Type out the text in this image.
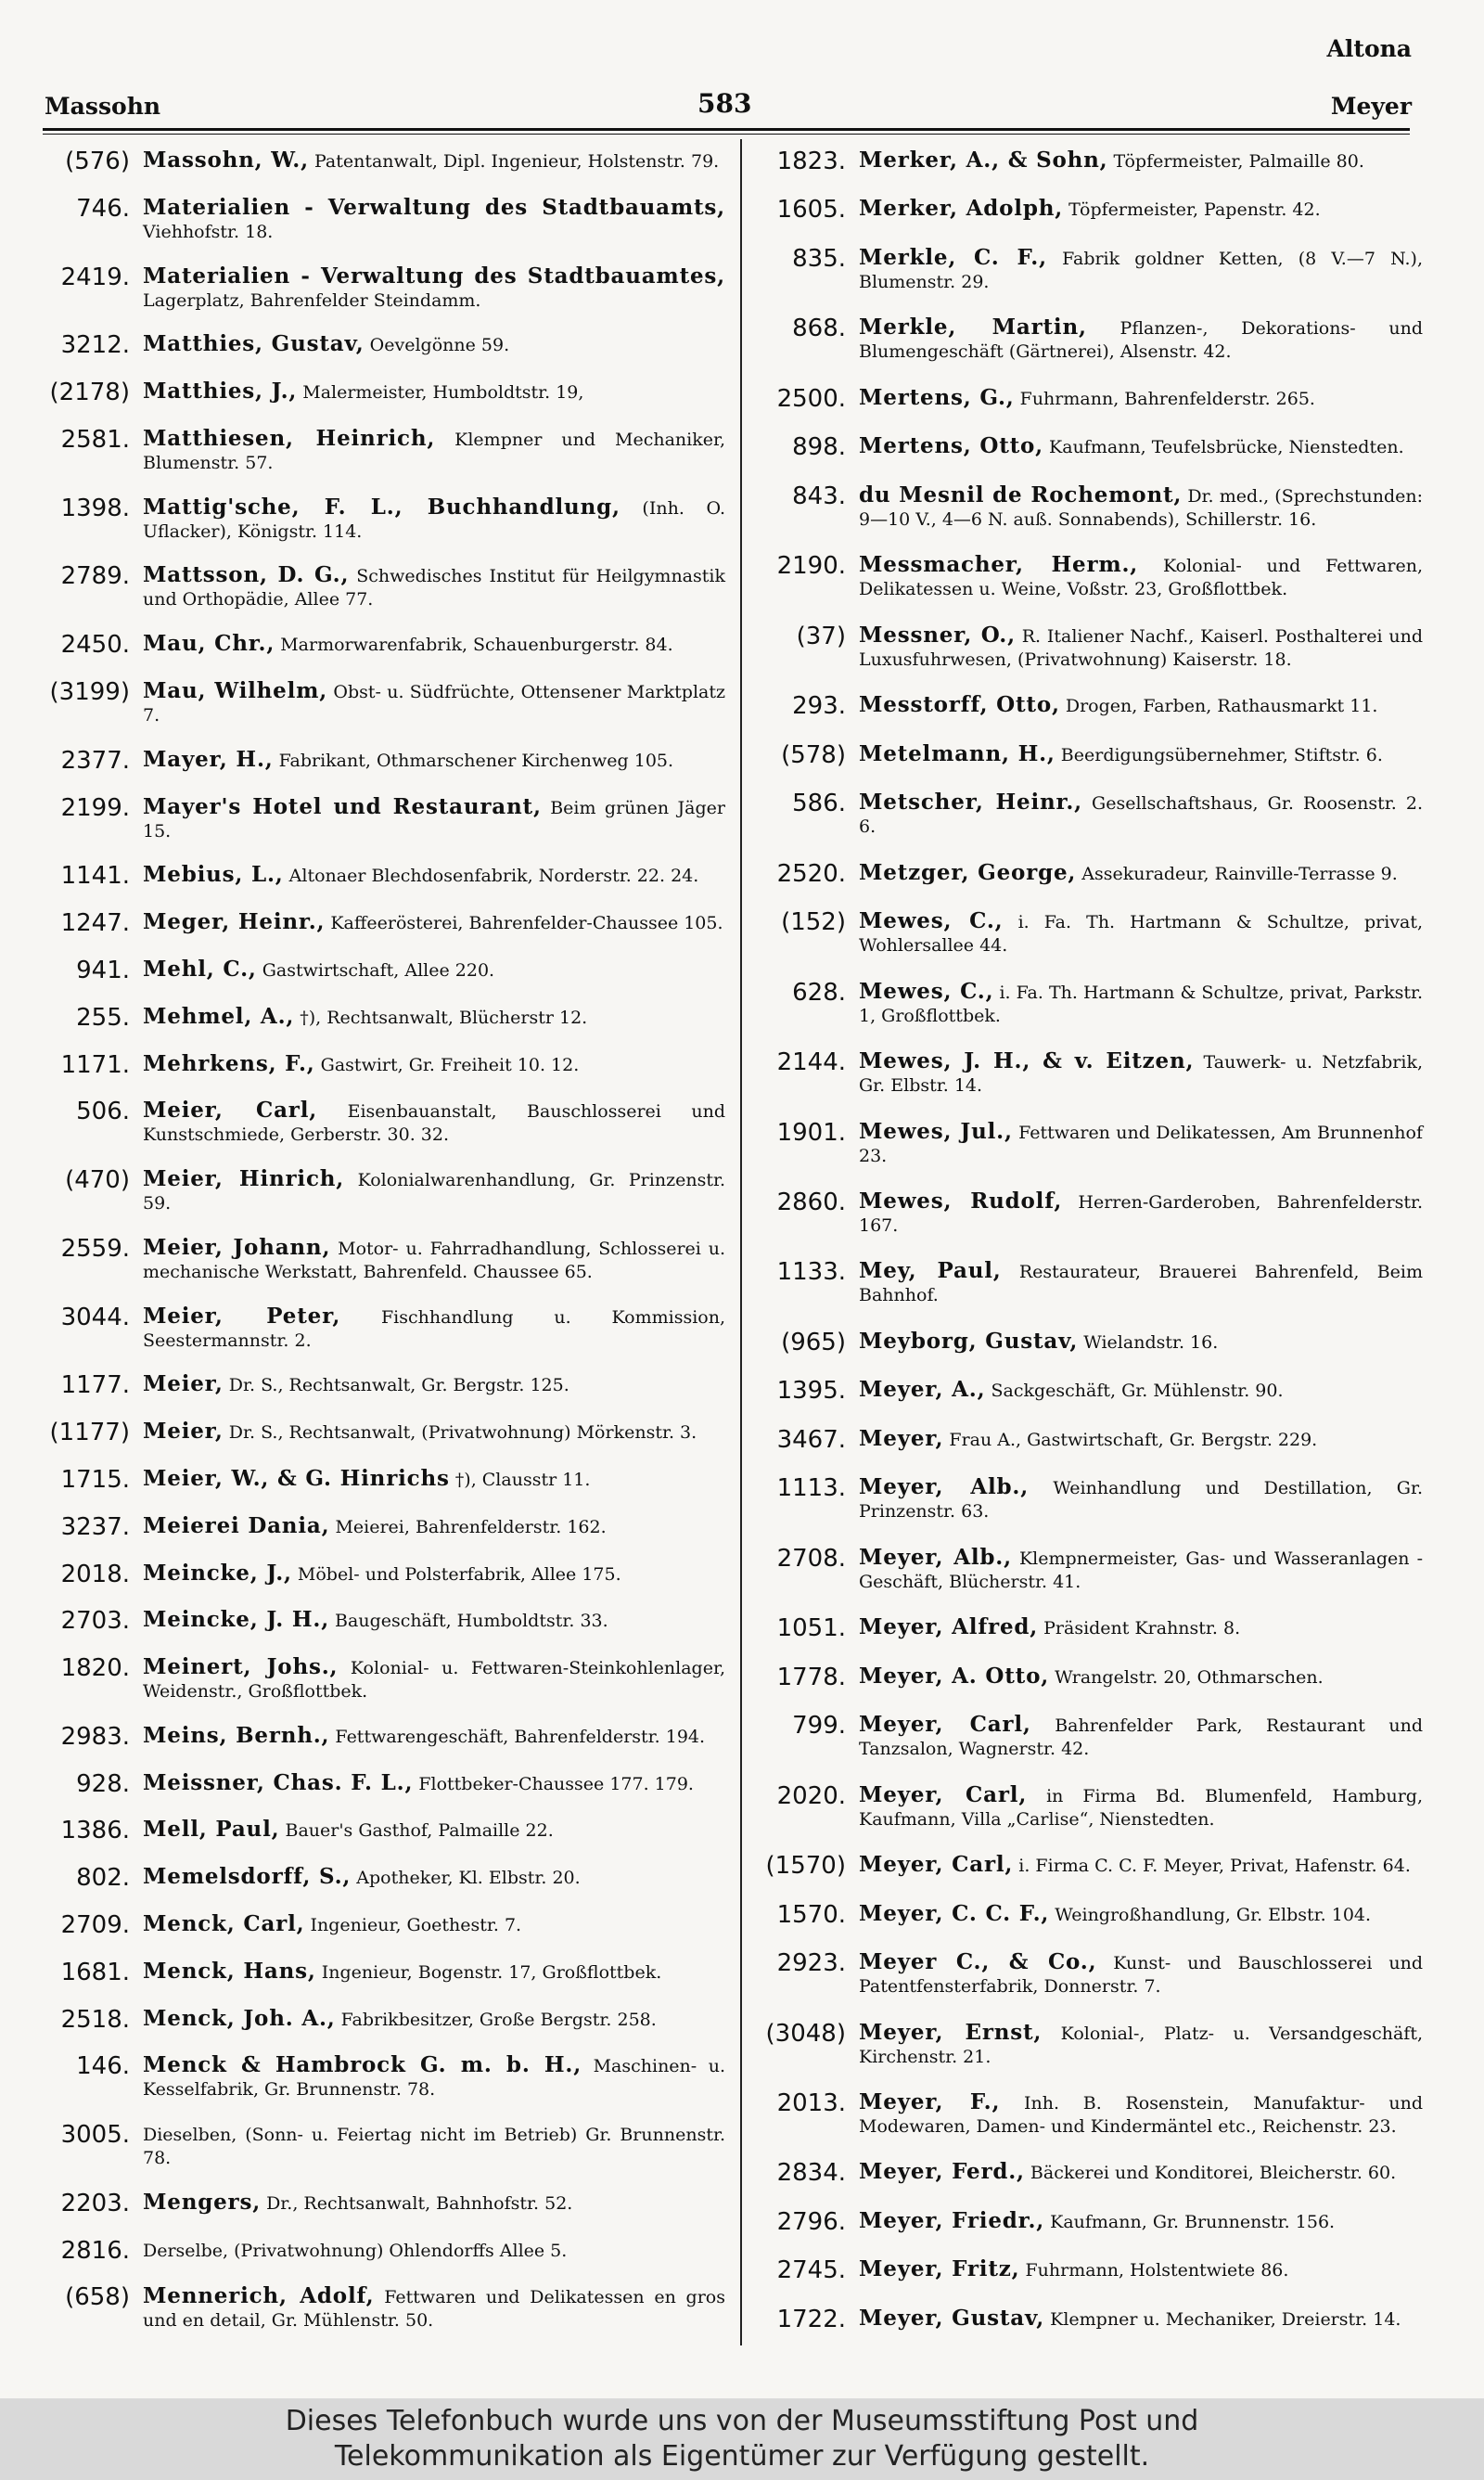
Altona
Massohn	583	Meyer
(576) Massohn, W., Patentanwalt, Dipl. Ingenieur, Holstenstr. 79.
746. Materialien - Verwaltung des Stadtbauamts, Viehhofstr. 18.
2419. Materialien - Verwaltung des Stadtbauamtes, Lagerplatz, Bahrenfelder Steindamm.
3212. Matthies, Gustav, Oevelgönne 59.
(2178) Matthies, J., Malermeister, Humboldtstr. 19,
2581. Matthiesen, Heinrich, Klempner und Mechaniker, Blumenstr. 57.
1398. Mattig'sche, F. L., Buchhandlung, (Inh. O. Uflacker), Königstr. 114.
2789. Mattsson, D. G., Schwedisches Institut für Heilgymnastik und Orthopädie, Allee 77.
2450. Mau, Chr., Marmorwarenfabrik, Schauenburgerstr. 84.
(3199) Mau, Wilhelm, Obst- u. Südfrüchte, Ottensener Marktplatz 7.
2377. Mayer, H., Fabrikant, Othmarschener Kirchenweg 105.
2199. Mayer's Hotel und Restaurant, Beim grünen Jäger 15.
1141. Mebius, L., Altonaer Blechdosenfabrik, Norderstr. 22. 24.
1247. Meger, Heinr., Kaffeerösterei, Bahrenfelder-Chaussee 105.
941. Mehl, C., Gastwirtschaft, Allee 220.
255. Mehmel, A., †), Rechtsanwalt, Blücherstr 12.
1171. Mehrkens, F., Gastwirt, Gr. Freiheit 10. 12.
506. Meier, Carl, Eisenbauanstalt, Bauschlosserei und Kunstschmiede, Gerberstr. 30. 32.
(470) Meier, Hinrich, Kolonialwarenhandlung, Gr. Prinzenstr. 59.
2559. Meier, Johann, Motor- u. Fahrradhandlung, Schlosserei u. mechanische Werkstatt, Bahrenfeld. Chaussee 65.
3044. Meier, Peter, Fischhandlung u. Kommission, Seestermannstr. 2.
1177. Meier, Dr. S., Rechtsanwalt, Gr. Bergstr. 125.
(1177) Meier, Dr. S., Rechtsanwalt, (Privatwohnung) Mörkenstr. 3.
1715. Meier, W., & G. Hinrichs †), Clausstr 11.
3237. Meierei Dania, Meierei, Bahrenfelderstr. 162.
2018. Meincke, J., Möbel- und Polsterfabrik, Allee 175.
2703. Meincke, J. H., Baugeschäft, Humboldtstr. 33.
1820. Meinert, Johs., Kolonial- u. Fettwaren-Steinkohlenlager, Weidenstr., Großflottbek.
2983. Meins, Bernh., Fettwarengeschäft, Bahrenfelderstr. 194.
928. Meissner, Chas. F. L., Flottbeker-Chaussee 177. 179.
1386. Mell, Paul, Bauer's Gasthof, Palmaille 22.
802. Memelsdorff, S., Apotheker, Kl. Elbstr. 20.
2709. Menck, Carl, Ingenieur, Goethestr. 7.
1681. Menck, Hans, Ingenieur, Bogenstr. 17, Großflottbek.
2518. Menck, Joh. A., Fabrikbesitzer, Große Bergstr. 258.
146. Menck & Hambrock G. m. b. H., Maschinen- u. Kesselfabrik, Gr. Brunnenstr. 78.
3005. Dieselben, (Sonn- u. Feiertag nicht im Betrieb) Gr. Brunnenstr. 78.
2203. Mengers, Dr., Rechtsanwalt, Bahnhofstr. 52.
2816. Derselbe, (Privatwohnung) Ohlendorffs Allee 5.
(658) Mennerich, Adolf, Fettwaren und Delikatessen en gros und en detail, Gr. Mühlenstr. 50.
1823. Merker, A., & Sohn, Töpfermeister, Palmaille 80.
1605. Merker, Adolph, Töpfermeister, Papenstr. 42.
835. Merkle, C. F., Fabrik goldner Ketten, (8 V.—7 N.), Blumenstr. 29.
868. Merkle, Martin, Pflanzen-, Dekorations- und Blumengeschäft (Gärtnerei), Alsenstr. 42.
2500. Mertens, G., Fuhrmann, Bahrenfelderstr. 265.
898. Mertens, Otto, Kaufmann, Teufelsbrücke, Nienstedten.
843. du Mesnil de Rochemont, Dr. med., (Sprechstunden: 9—10 V., 4—6 N. auß. Sonnabends), Schillerstr. 16.
2190. Messmacher, Herm., Kolonial- und Fettwaren, Delikatessen u. Weine, Voßstr. 23, Großflottbek.
(37) Messner, O., R. Italiener Nachf., Kaiserl. Posthalterei und Luxusfuhrwesen, (Privatwohnung) Kaiserstr. 18.
293. Messtorff, Otto, Drogen, Farben, Rathausmarkt 11.
(578) Metelmann, H., Beerdigungsübernehmer, Stiftstr. 6.
586. Metscher, Heinr., Gesellschaftshaus, Gr. Roosenstr. 2. 6.
2520. Metzger, George, Assekuradeur, Rainville-Terrasse 9.
(152) Mewes, C., i. Fa. Th. Hartmann & Schultze, privat, Wohlersallee 44.
628. Mewes, C., i. Fa. Th. Hartmann & Schultze, privat, Parkstr. 1, Großflottbek.
2144. Mewes, J. H., & v. Eitzen, Tauwerk- u. Netzfabrik, Gr. Elbstr. 14.
1901. Mewes, Jul., Fettwaren und Delikatessen, Am Brunnenhof 23.
2860. Mewes, Rudolf, Herren-Garderoben, Bahrenfelderstr. 167.
1133. Mey, Paul, Restaurateur, Brauerei Bahrenfeld, Beim Bahnhof.
(965) Meyborg, Gustav, Wielandstr. 16.
1395. Meyer, A., Sackgeschäft, Gr. Mühlenstr. 90.
3467. Meyer, Frau A., Gastwirtschaft, Gr. Bergstr. 229.
1113. Meyer, Alb., Weinhandlung und Destillation, Gr. Prinzenstr. 63.
2708. Meyer, Alb., Klempnermeister, Gas- und Wasseranlagen - Geschäft, Blücherstr. 41.
1051. Meyer, Alfred, Präsident Krahnstr. 8.
1778. Meyer, A. Otto, Wrangelstr. 20, Othmarschen.
799. Meyer, Carl, Bahrenfelder Park, Restaurant und Tanzsalon, Wagnerstr. 42.
2020. Meyer, Carl, in Firma Bd. Blumenfeld, Hamburg, Kaufmann, Villa „Carlise“, Nienstedten.
(1570) Meyer, Carl, i. Firma C. C. F. Meyer, Privat, Hafenstr. 64.
1570. Meyer, C. C. F., Weingroßhandlung, Gr. Elbstr. 104.
2923. Meyer C., & Co., Kunst- und Bauschlosserei und Patentfensterfabrik, Donnerstr. 7.
(3048) Meyer, Ernst, Kolonial-, Platz- u. Versandgeschäft, Kirchenstr. 21.
2013. Meyer, F., Inh. B. Rosenstein, Manufaktur- und Modewaren, Damen- und Kindermäntel etc., Reichenstr. 23.
2834. Meyer, Ferd., Bäckerei und Konditorei, Bleicherstr. 60.
2796. Meyer, Friedr., Kaufmann, Gr. Brunnenstr. 156.
2745. Meyer, Fritz, Fuhrmann, Holstentwiete 86.
1722. Meyer, Gustav, Klempner u. Mechaniker, Dreierstr. 14.
Dieses Telefonbuch wurde uns von der Museumsstiftung Post und
Telekommunikation als Eigentümer zur Verfügung gestellt.
